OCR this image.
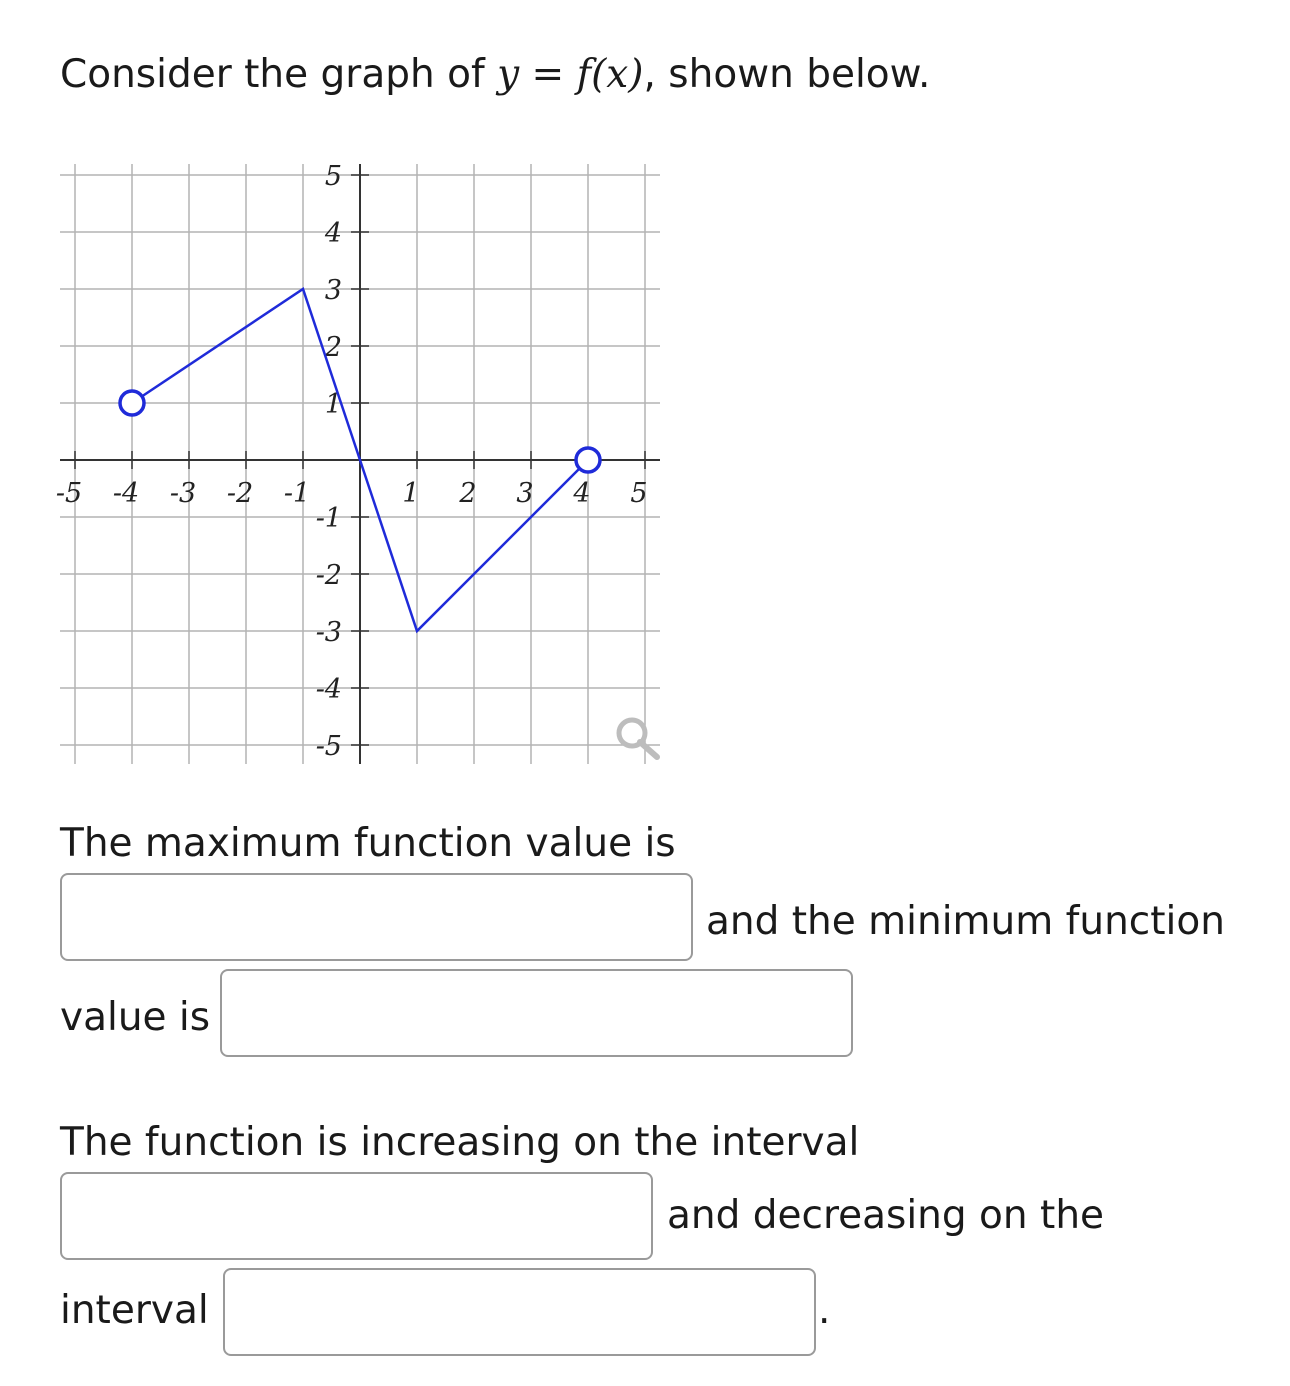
Consider the graph of y = f(x), shown below.
-5 -4 -3 -2 -1	1 2 3 4 5
5
4
3
2
1
-1
-2
-3
-4
-5
The maximum function value is
and the minimum function
value is
The function is increasing on the interval
and decreasing on the
interval	.
